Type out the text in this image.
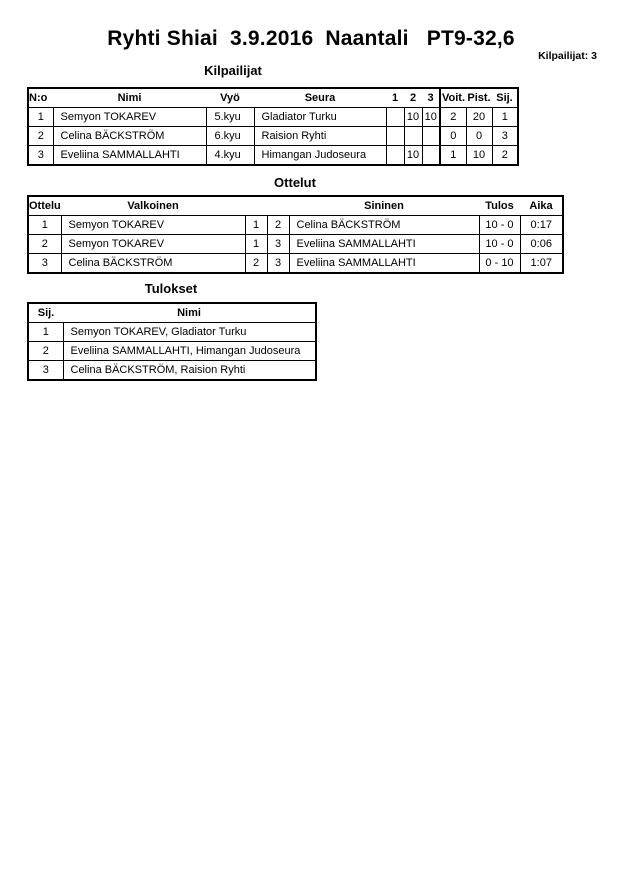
Ryhti Shiai  3.9.2016  Naantali   PT9-32,6
Kilpailijat: 3
Kilpailijat
N:o	Nimi	Vyö	Seura	1	2	3	Voit.	Pist.	Sij.
1	Semyon TOKAREV	5.kyu	Gladiator Turku		10	10	2	20	1
2	Celina BÄCKSTRÖM	6.kyu	Raision Ryhti				0	0	3
3	Eveliina SAMMALLAHTI	4.kyu	Himangan Judoseura		10		1	10	2
Ottelut
Ottelu	Valkoinen			Sininen	Tulos	Aika
1	Semyon TOKAREV	1	2	Celina BÄCKSTRÖM	10 - 0	0:17
2	Semyon TOKAREV	1	3	Eveliina SAMMALLAHTI	10 - 0	0:06
3	Celina BÄCKSTRÖM	2	3	Eveliina SAMMALLAHTI	0 - 10	1:07
Tulokset
Sij.	Nimi
1	Semyon TOKAREV, Gladiator Turku
2	Eveliina SAMMALLAHTI, Himangan Judoseura
3	Celina BÄCKSTRÖM, Raision Ryhti
